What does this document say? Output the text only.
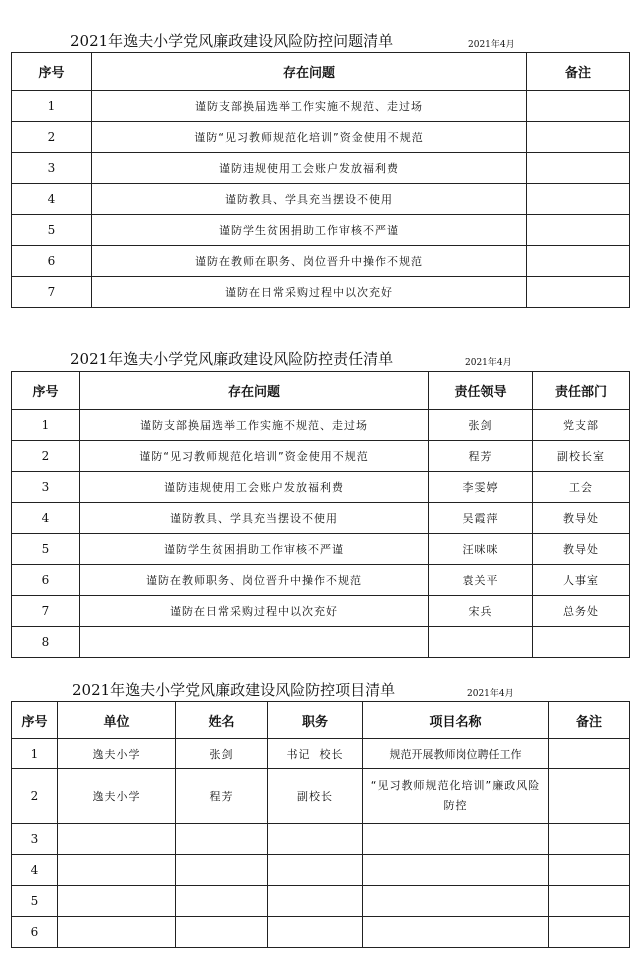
2021年逸夫小学党风廉政建设风险防控问题清单	2021年4月
序号	存在问题	备注
1	谨防支部换届选举工作实施不规范、走过场	
2	谨防“见习教师规范化培训”资金使用不规范	
3	谨防违规使用工会账户发放福利费	
4	谨防教具、学具充当摆设不使用	
5	谨防学生贫困捐助工作审核不严谨	
6	谨防在教师在职务、岗位晋升中操作不规范	
7	谨防在日常采购过程中以次充好	
2021年逸夫小学党风廉政建设风险防控责任清单	2021年4月
序号	存在问题	责任领导	责任部门
1	谨防支部换届选举工作实施不规范、走过场	张剑	党支部
2	谨防“见习教师规范化培训”资金使用不规范	程芳	副校长室
3	谨防违规使用工会账户发放福利费	李雯婷	工会
4	谨防教具、学具充当摆设不使用	吴霞萍	教导处
5	谨防学生贫困捐助工作审核不严谨	汪咪咪	教导处
6	谨防在教师职务、岗位晋升中操作不规范	袁关平	人事室
7	谨防在日常采购过程中以次充好	宋兵	总务处
8			
2021年逸夫小学党风廉政建设风险防控项目清单	2021年4月
序号	单位	姓名	职务	项目名称	备注
1	逸夫小学	张剑	书记  校长	规范开展教师岗位聘任工作	
2	逸夫小学	程芳	副校长	“见习教师规范化培训”廉政风险防控	
3					
4					
5					
6					
